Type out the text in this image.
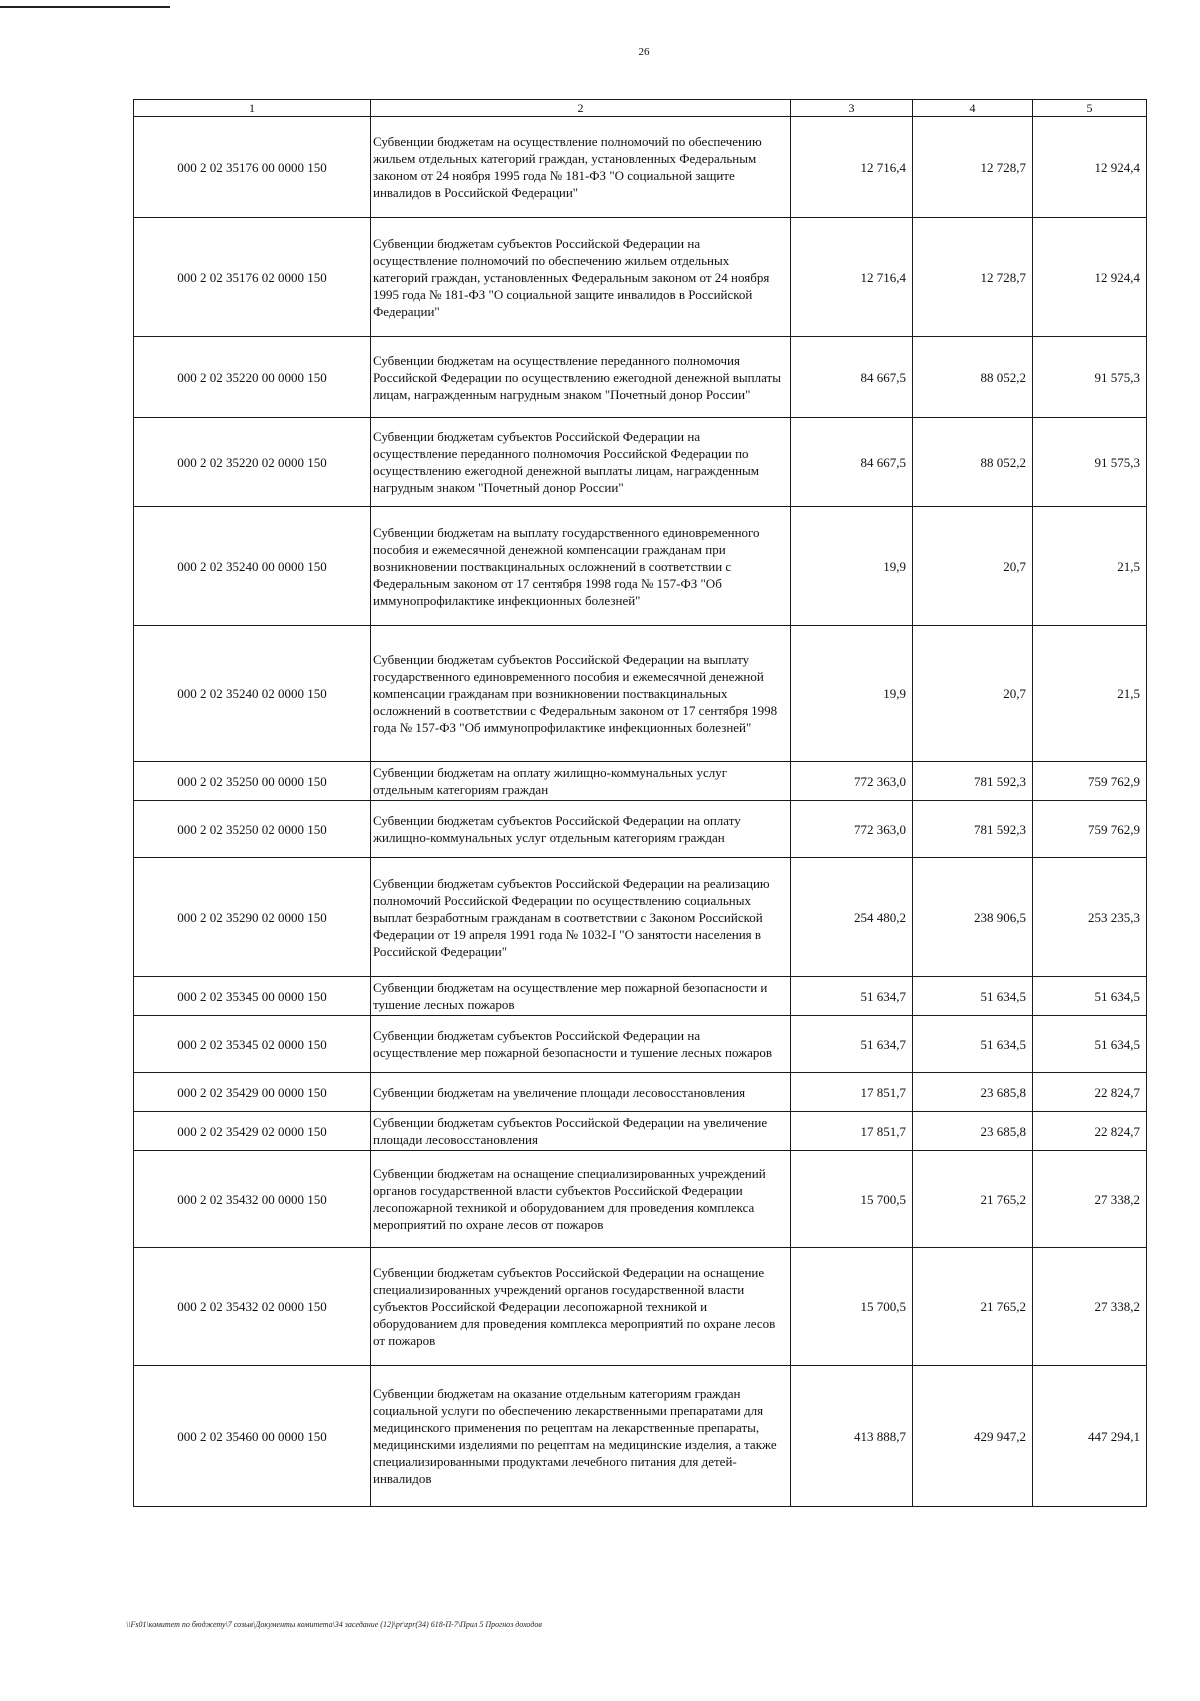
26
1	2	3	4	5
000 2 02 35176 00 0000 150	Субвенции бюджетам на осуществление полномочий по обеспечению жильем отдельных категорий граждан, установленных Федеральным законом от 24 ноября 1995 года № 181-ФЗ "О социальной защите инвалидов в Российской Федерации"	12 716,4	12 728,7	12 924,4
000 2 02 35176 02 0000 150	Субвенции бюджетам субъектов Российской Федерации на осуществление полномочий по обеспечению жильем отдельных категорий граждан, установленных Федеральным законом от 24 ноября 1995 года № 181-ФЗ "О социальной защите инвалидов в Российской Федерации"	12 716,4	12 728,7	12 924,4
000 2 02 35220 00 0000 150	Субвенции бюджетам на осуществление переданного полномочия Российской Федерации по осуществлению ежегодной денежной выплаты лицам, награжденным нагрудным знаком "Почетный донор России"	84 667,5	88 052,2	91 575,3
000 2 02 35220 02 0000 150	Субвенции бюджетам субъектов Российской Федерации на осуществление переданного полномочия Российской Федерации по осуществлению ежегодной денежной выплаты лицам, награжденным нагрудным знаком "Почетный донор России"	84 667,5	88 052,2	91 575,3
000 2 02 35240 00 0000 150	Субвенции бюджетам на выплату государственного единовременного пособия и ежемесячной денежной компенсации гражданам при возникновении поствакцинальных осложнений в соответствии с Федеральным законом от 17 сентября 1998 года № 157-ФЗ "Об иммунопрофилактике инфекционных болезней"	19,9	20,7	21,5
000 2 02 35240 02 0000 150	Субвенции бюджетам субъектов Российской Федерации на выплату государственного единовременного пособия и ежемесячной денежной компенсации гражданам при возникновении поствакцинальных осложнений в соответствии с Федеральным законом от 17 сентября 1998 года № 157-ФЗ "Об иммунопрофилактике инфекционных болезней"	19,9	20,7	21,5
000 2 02 35250 00 0000 150	Субвенции бюджетам на оплату жилищно-коммунальных услуг отдельным категориям граждан	772 363,0	781 592,3	759 762,9
000 2 02 35250 02 0000 150	Субвенции бюджетам субъектов Российской Федерации на оплату жилищно-коммунальных услуг отдельным категориям граждан	772 363,0	781 592,3	759 762,9
000 2 02 35290 02 0000 150	Субвенции бюджетам субъектов Российской Федерации на реализацию полномочий Российской Федерации по осуществлению социальных выплат безработным гражданам в соответствии с Законом Российской Федерации от 19 апреля 1991 года № 1032-I "О занятости населения в Российской Федерации"	254 480,2	238 906,5	253 235,3
000 2 02 35345 00 0000 150	Субвенции бюджетам на осуществление мер пожарной безопасности и тушение лесных пожаров	51 634,7	51 634,5	51 634,5
000 2 02 35345 02 0000 150	Субвенции бюджетам субъектов Российской Федерации на осуществление мер пожарной безопасности и тушение лесных пожаров	51 634,7	51 634,5	51 634,5
000 2 02 35429 00 0000 150	Субвенции бюджетам на увеличение площади лесовосстановления	17 851,7	23 685,8	22 824,7
000 2 02 35429 02 0000 150	Субвенции бюджетам субъектов Российской Федерации на увеличение площади лесовосстановления	17 851,7	23 685,8	22 824,7
000 2 02 35432 00 0000 150	Субвенции бюджетам на оснащение специализированных учреждений органов государственной власти субъектов Российской Федерации лесопожарной техникой и оборудованием для проведения комплекса мероприятий по охране лесов от пожаров	15 700,5	21 765,2	27 338,2
000 2 02 35432 02 0000 150	Субвенции бюджетам субъектов Российской Федерации на оснащение специализированных учреждений органов государственной власти субъектов Российской Федерации лесопожарной техникой и оборудованием для проведения комплекса мероприятий по охране лесов от пожаров	15 700,5	21 765,2	27 338,2
000 2 02 35460 00 0000 150	Субвенции бюджетам на оказание отдельным категориям граждан социальной услуги по обеспечению лекарственными препаратами для медицинского применения по рецептам на лекарственные препараты, медицинскими изделиями по рецептам на медицинские изделия, а также специализированными продуктами лечебного питания для детей-инвалидов	413 888,7	429 947,2	447 294,1
\\Fs01\комитет по бюджету\7 созыв\Документы комитета\34 заседание (12)\pr\zpr(34) 618-П-7\Прил 5 Прогноз доходов
